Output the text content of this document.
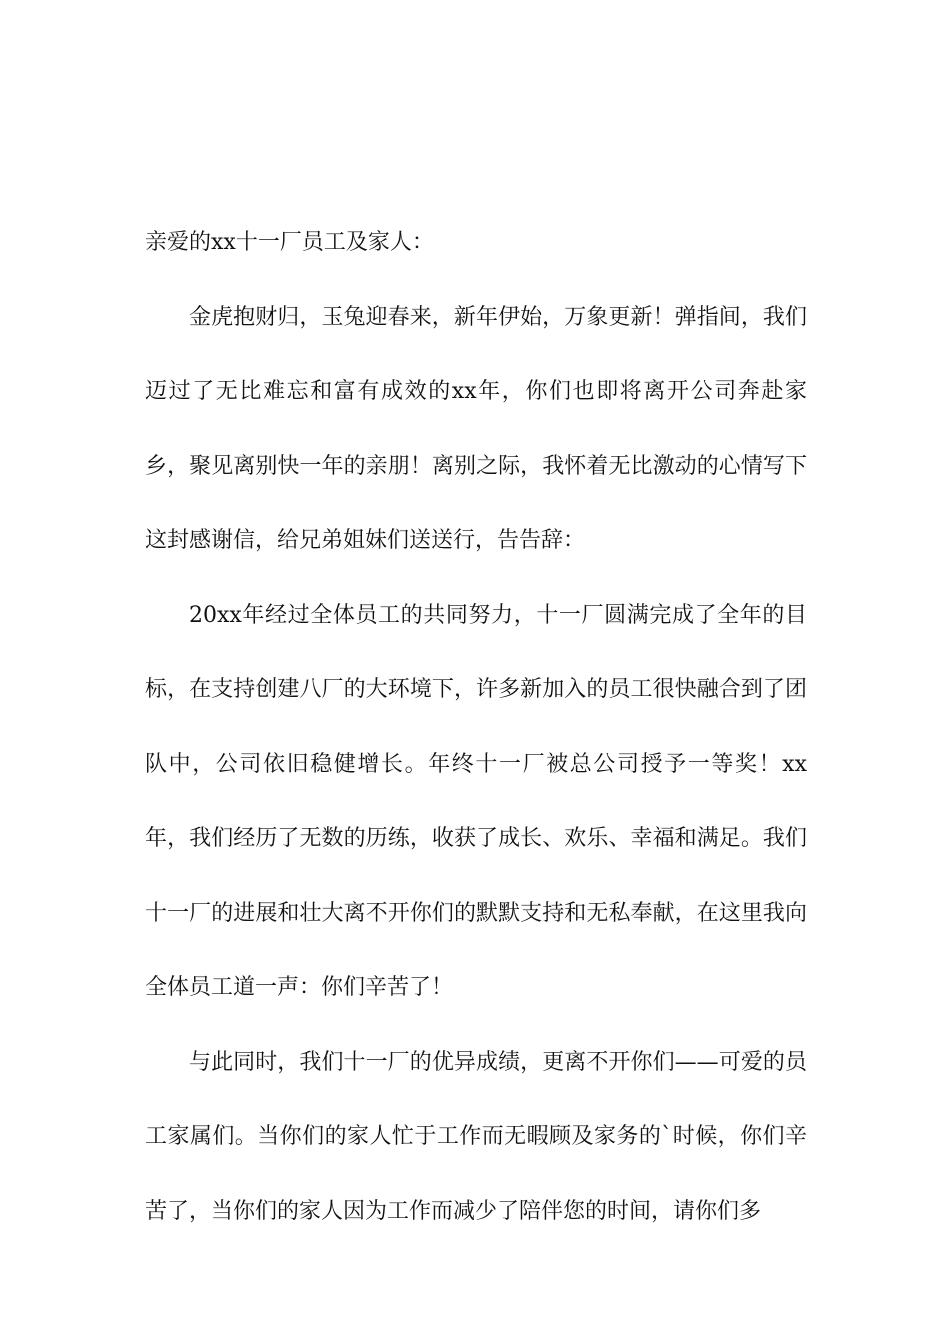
亲爱的xx十一厂员工及家人：

金虎抱财归，玉兔迎春来，新年伊始，万象更新！弹指间，我们迈过了无比难忘和富有成效的xx年，你们也即将离开公司奔赴家乡，聚见离别快一年的亲朋！离别之际，我怀着无比激动的心情写下这封感谢信，给兄弟姐妹们送送行，告告辞：

20xx年经过全体员工的共同努力，十一厂圆满完成了全年的目标，在支持创建八厂的大环境下，许多新加入的员工很快融合到了团队中，公司依旧稳健增长。年终十一厂被总公司授予一等奖！xx年，我们经历了无数的历练，收获了成长、欢乐、幸福和满足。我们十一厂的进展和壮大离不开你们的默默支持和无私奉献，在这里我向全体员工道一声：你们辛苦了！

与此同时，我们十一厂的优异成绩，更离不开你们——可爱的员工家属们。当你们的家人忙于工作而无暇顾及家务的`时候，你们辛苦了，当你们的家人因为工作而减少了陪伴您的时间，请你们多
